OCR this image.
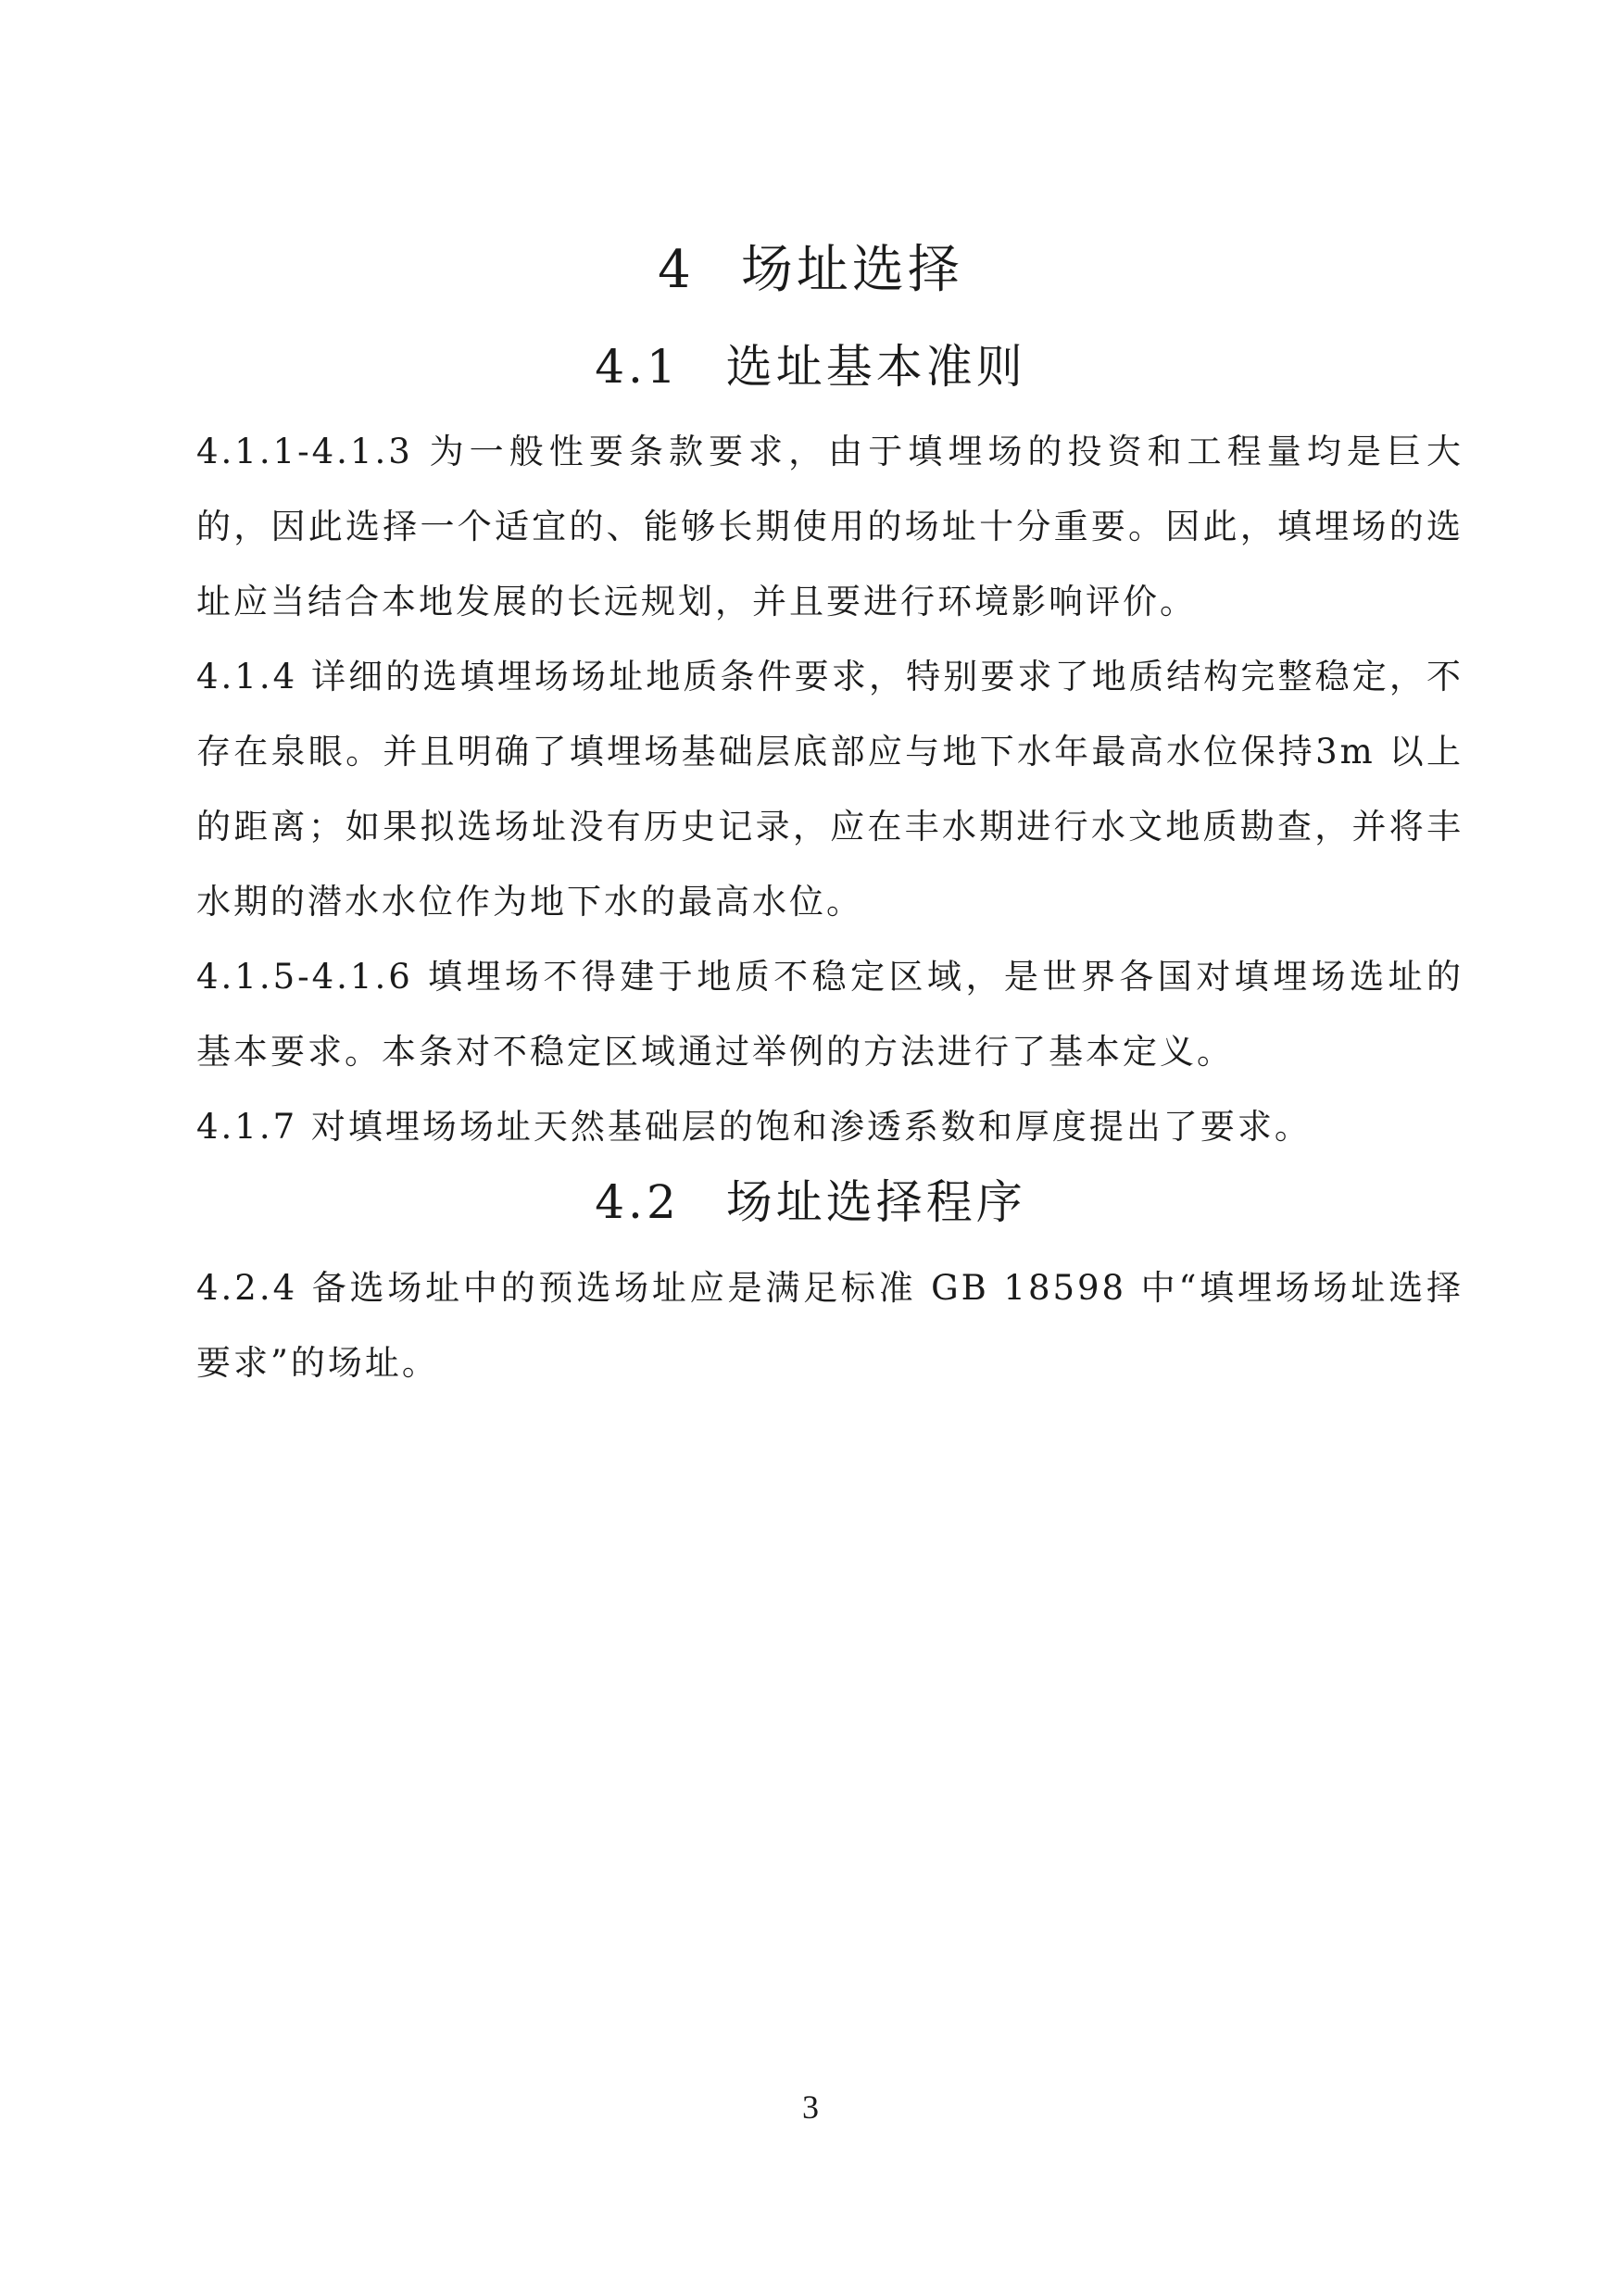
4 场址选择
4.1 选址基本准则

4.1.1-4.1.3 为一般性要条款要求，由于填埋场的投资和工程量均是巨大的，因此选择一个适宜的、能够长期使用的场址十分重要。因此，填埋场的选址应当结合本地发展的长远规划，并且要进行环境影响评价。

4.1.4 详细的选填埋场场址地质条件要求，特别要求了地质结构完整稳定，不存在泉眼。并且明确了填埋场基础层底部应与地下水年最高水位保持3m 以上的距离；如果拟选场址没有历史记录，应在丰水期进行水文地质勘查，并将丰水期的潜水水位作为地下水的最高水位。

4.1.5-4.1.6 填埋场不得建于地质不稳定区域，是世界各国对填埋场选址的基本要求。本条对不稳定区域通过举例的方法进行了基本定义。

4.1.7 对填埋场场址天然基础层的饱和渗透系数和厚度提出了要求。

4.2 场址选择程序

4.2.4 备选场址中的预选场址应是满足标准 GB 18598 中“填埋场场址选择要求”的场址。

3
